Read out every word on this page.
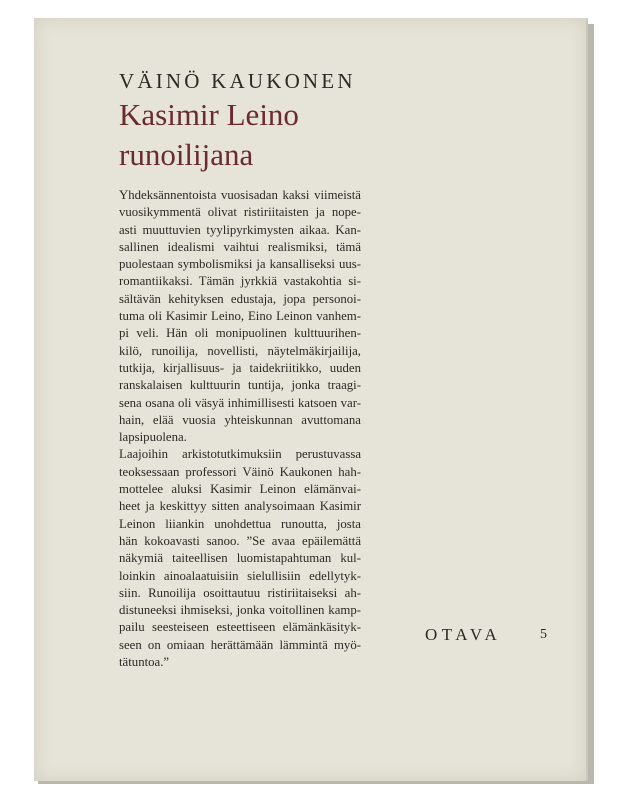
VÄINÖ KAUKONEN
Kasimir Leino
runoilijana
Yhdeksännentoista vuosisadan kaksi viimeistä
vuosikymmentä olivat ristiriitaisten ja nope-
asti muuttuvien tyylipyrkimysten aikaa. Kan-
sallinen idealismi vaihtui realismiksi, tämä
puolestaan symbolismiksi ja kansalliseksi uus-
romantiikaksi. Tämän jyrkkiä vastakohtia si-
sältävän kehityksen edustaja, jopa personoi-
tuma oli Kasimir Leino, Eino Leinon vanhem-
pi veli. Hän oli monipuolinen kulttuurihen-
kilö, runoilija, novellisti, näytelmäkirjailija,
tutkija, kirjallisuus- ja taidekriitikko, uuden
ranskalaisen kulttuurin tuntija, jonka traagi-
sena osana oli väsyä inhimillisesti katsoen var-
hain, elää vuosia yhteiskunnan avuttomana
lapsipuolena.
Laajoihin arkistotutkimuksiin perustuvassa
teoksessaan professori Väinö Kaukonen hah-
mottelee aluksi Kasimir Leinon elämänvai-
heet ja keskittyy sitten analysoimaan Kasimir
Leinon liiankin unohdettua runoutta, josta
hän kokoavasti sanoo. ”Se avaa epäilemättä
näkymiä taiteellisen luomistapahtuman kul-
loinkin ainoalaatuisiin sielullisiin edellytyk-
siin. Runoilija osoittautuu ristiriitaiseksi ah-
distuneeksi ihmiseksi, jonka voitollinen kamp-
pailu seesteiseen esteettiseen elämänkäsityk-
seen on omiaan herättämään lämmintä myö-
tätuntoa.”
OTAVA	5
